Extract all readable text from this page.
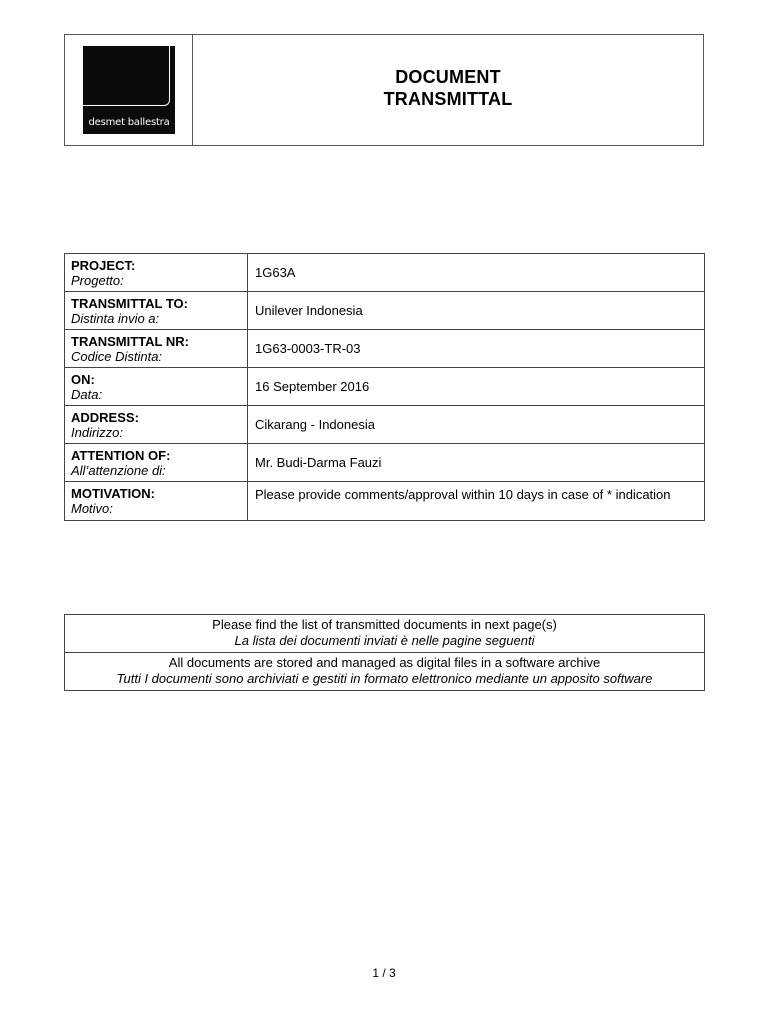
desmet ballestra
DOCUMENT
TRANSMITTAL
PROJECT:
Progetto:	1G63A

TRANSMITTAL TO:
Distinta invio a:	Unilever Indonesia

TRANSMITTAL NR:
Codice Distinta:	1G63-0003-TR-03

ON:
Data:	16 September 2016

ADDRESS:
Indirizzo:	Cikarang - Indonesia

ATTENTION OF:
All’attenzione di:	Mr. Budi-Darma Fauzi

MOTIVATION:
Motivo:	Please provide comments/approval within 10 days in case of * indication
Please find the list of transmitted documents in next page(s)
La lista dei documenti inviati è nelle pagine seguenti

All documents are stored and managed as digital files in a software archive
Tutti I documenti sono archiviati e gestiti in formato elettronico mediante un apposito software
1 / 3
